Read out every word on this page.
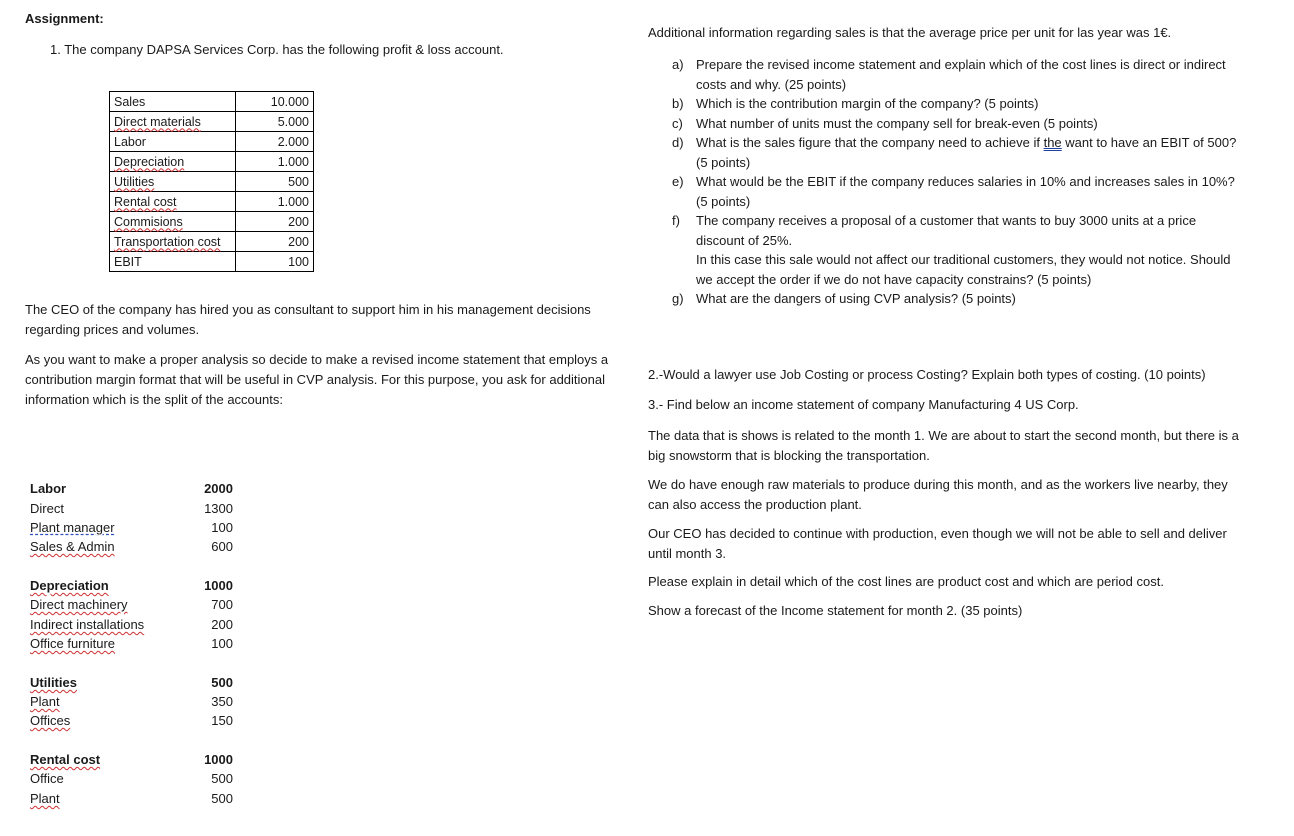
Assignment:
1. The company DAPSA Services Corp. has the following profit & loss account.
Sales	10.000
Direct materials	5.000
Labor	2.000
Depreciation	1.000
Utilities	500
Rental cost	1.000
Commisions	200
Transportation cost	200
EBIT	100
The CEO of the company has hired you as consultant to support him in his management decisions regarding prices and volumes.
As you want to make a proper analysis so decide to make a revised income statement that employs a contribution margin format that will be useful in CVP analysis. For this purpose, you ask for additional information which is the split of the accounts:
Labor	2000
Direct	1300
Plant manager	100
Sales & Admin	600
Depreciation	1000
Direct machinery	700
Indirect installations	200
Office furniture	100
Utilities	500
Plant	350
Offices	150
Rental cost	1000
Office	500
Plant	500
Additional information regarding sales is that the average price per unit for las year was 1€.
a) Prepare the revised income statement and explain which of the cost lines is direct or indirect costs and why. (25 points)
b) Which is the contribution margin of the company? (5 points)
c) What number of units must the company sell for break-even (5 points)
d) What is the sales figure that the company need to achieve if the want to have an EBIT of 500? (5 points)
e) What would be the EBIT if the company reduces salaries in 10% and increases sales in 10%? (5 points)
f) The company receives a proposal of a customer that wants to buy 3000 units at a price discount of 25%.
In this case this sale would not affect our traditional customers, they would not notice. Should we accept the order if we do not have capacity constrains? (5 points)
g) What are the dangers of using CVP analysis? (5 points)
2.-Would a lawyer use Job Costing or process Costing? Explain both types of costing. (10 points)
3.- Find below an income statement of company Manufacturing 4 US Corp.
The data that is shows is related to the month 1. We are about to start the second month, but there is a big snowstorm that is blocking the transportation.
We do have enough raw materials to produce during this month, and as the workers live nearby, they can also access the production plant.
Our CEO has decided to continue with production, even though we will not be able to sell and deliver until month 3.
Please explain in detail which of the cost lines are product cost and which are period cost.
Show a forecast of the Income statement for month 2. (35 points)
